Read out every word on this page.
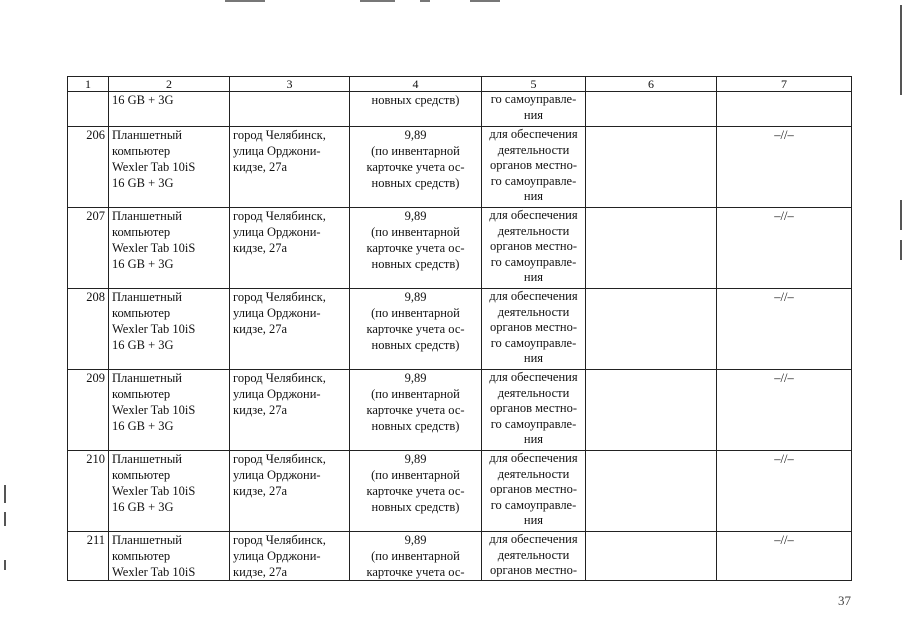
1	2	3	4	5	6	7

	16 GB + 3G		новных средств)	го самоуправле-
ния		

206	Планшетный
компьютер
Wexler Tab 10iS
16 GB + 3G	город Челябинск,
улица Орджони-
кидзе, 27а	9,89
(по инвентарной
карточке учета ос-
новных средств)	для обеспечения
деятельности
органов местно-
го самоуправле-
ния		–//–
207	Планшетный
компьютер
Wexler Tab 10iS
16 GB + 3G	город Челябинск,
улица Орджони-
кидзе, 27а	9,89
(по инвентарной
карточке учета ос-
новных средств)	для обеспечения
деятельности
органов местно-
го самоуправле-
ния		–//–
208	Планшетный
компьютер
Wexler Tab 10iS
16 GB + 3G	город Челябинск,
улица Орджони-
кидзе, 27а	9,89
(по инвентарной
карточке учета ос-
новных средств)	для обеспечения
деятельности
органов местно-
го самоуправле-
ния		–//–
209	Планшетный
компьютер
Wexler Tab 10iS
16 GB + 3G	город Челябинск,
улица Орджони-
кидзе, 27а	9,89
(по инвентарной
карточке учета ос-
новных средств)	для обеспечения
деятельности
органов местно-
го самоуправле-
ния		–//–
210	Планшетный
компьютер
Wexler Tab 10iS
16 GB + 3G	город Челябинск,
улица Орджони-
кидзе, 27а	9,89
(по инвентарной
карточке учета ос-
новных средств)	для обеспечения
деятельности
органов местно-
го самоуправле-
ния		–//–
211	Планшетный
компьютер
Wexler Tab 10iS	город Челябинск,
улица Орджони-
кидзе, 27а	9,89
(по инвентарной
карточке учета ос-	для обеспечения
деятельности
органов местно-		–//–
37
